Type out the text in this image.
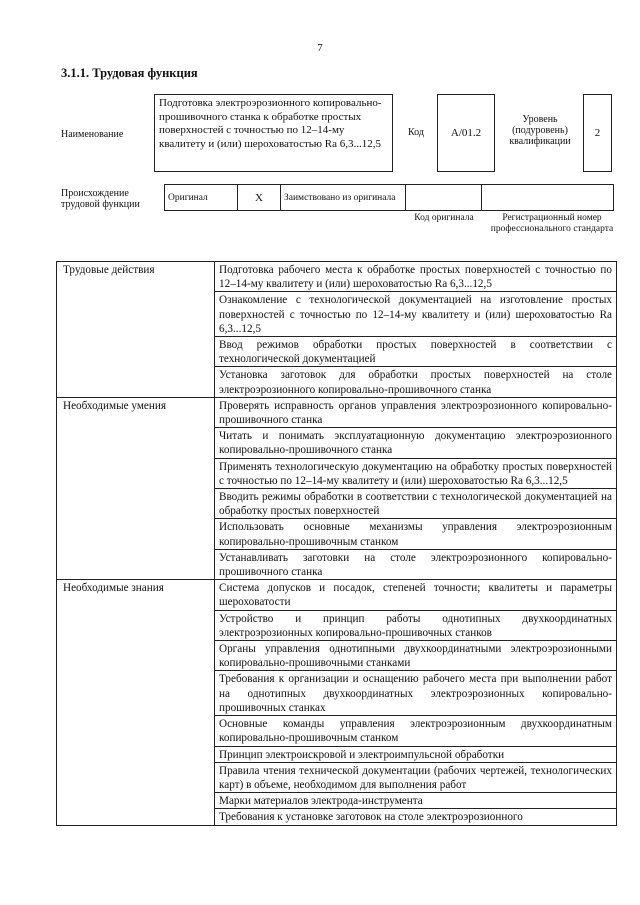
7
3.1.1. Трудовая функция
Наименование
Подготовка электроэрозионного копировально-прошивочного станка к обработке простых поверхностей с точностью по 12–14-му квалитету и (или) шероховатостью Ra 6,3...12,5
Код A/01.2
Уровень (подуровень) квалификации
2
Происхождение трудовой функции
Оригинал	X	Заимствовано из оригинала		
Код оригинала	Регистрационный номер профессионального стандарта
Трудовые действия	Подготовка рабочего места к обработке простых поверхностей с точностью по 12–14-му квалитету и (или) шероховатостью Ra 6,3...12,5
	Ознакомление с технологической документацией на изготовление простых поверхностей с точностью по 12–14-му квалитету и (или) шероховатостью Ra 6,3...12,5
	Ввод режимов обработки простых поверхностей в соответствии с технологической документацией
	Установка заготовок для обработки простых поверхностей на столе электроэрозионного копировально-прошивочного станка
Необходимые умения	Проверять исправность органов управления электроэрозионного копировально-прошивочного станка
	Читать и понимать эксплуатационную документацию электроэрозионного копировально-прошивочного станка
	Применять технологическую документацию на обработку простых поверхностей с точностью по 12–14-му квалитету и (или) шероховатостью Ra 6,3...12,5
	Вводить режимы обработки в соответствии с технологической документацией на обработку простых поверхностей
	Использовать основные механизмы управления электроэрозионным копировально-прошивочным станком
	Устанавливать заготовки на столе электроэрозионного копировально-прошивочного станка
Необходимые знания	Система допусков и посадок, степеней точности; квалитеты и параметры шероховатости
	Устройство и принцип работы однотипных двухкоординатных электроэрозионных копировально-прошивочных станков
	Органы управления однотипными двухкоординатными электроэрозионными копировально-прошивочными станками
	Требования к организации и оснащению рабочего места при выполнении работ на однотипных двухкоординатных электроэрозионных копировально-прошивочных станках
	Основные команды управления электроэрозионным двухкоординатным копировально-прошивочным станком
	Принцип электроискровой и электроимпульсной обработки
	Правила чтения технической документации (рабочих чертежей, технологических карт) в объеме, необходимом для выполнения работ
	Марки материалов электрода-инструмента
	Требования к установке заготовок на столе электроэрозионного
